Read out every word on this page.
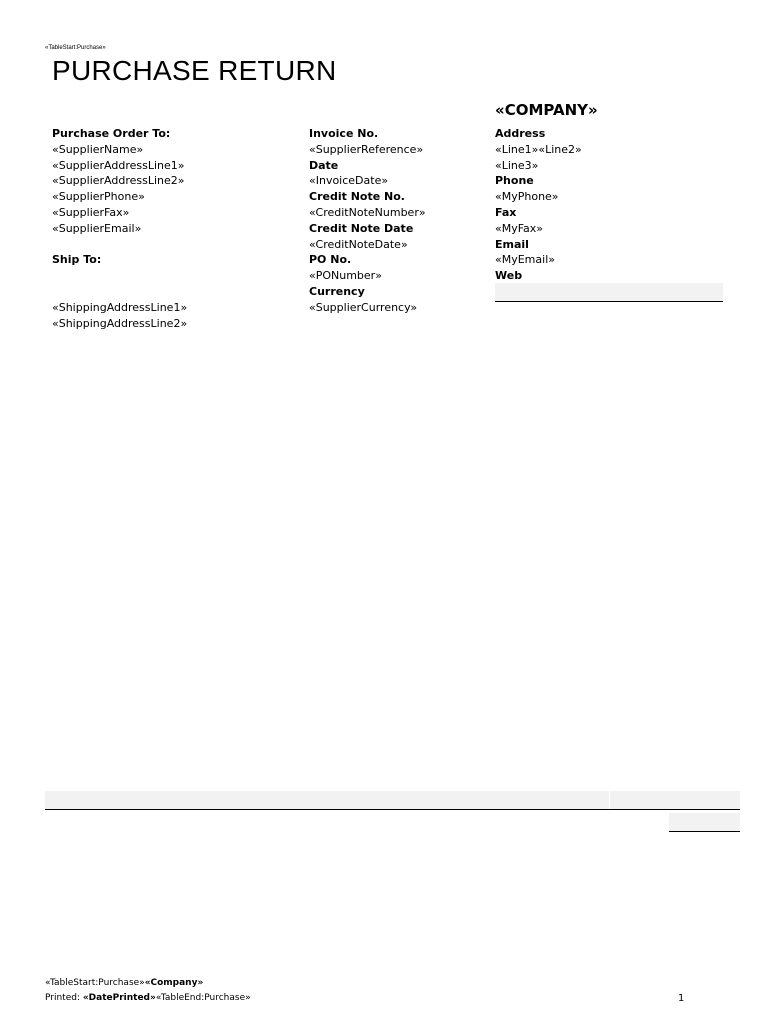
«TableStart:Purchase»
PURCHASE RETURN
«COMPANY»
Purchase Order To:
«SupplierName»
«SupplierAddressLine1»
«SupplierAddressLine2»
«SupplierPhone»
«SupplierFax»
«SupplierEmail»
Ship To:
«ShippingAddressLine1»
«ShippingAddressLine2»
Invoice No.
«SupplierReference»
Date
«InvoiceDate»
Credit Note No.
«CreditNoteNumber»
Credit Note Date
«CreditNoteDate»
PO No.
«PONumber»
Currency
«SupplierCurrency»
Address
«Line1»«Line2»
«Line3»
Phone
«MyPhone»
Fax
«MyFax»
Email
«MyEmail»
Web
«TableStart:Purchase»«Company»
Printed: «DatePrinted»«TableEnd:Purchase»	1
